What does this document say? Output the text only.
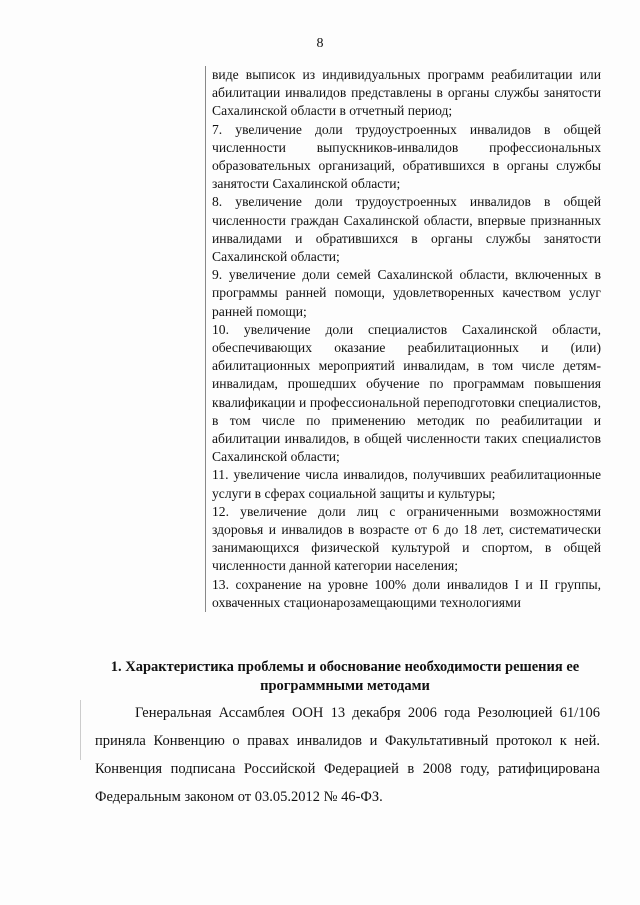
8

виде выписок из индивидуальных программ реабилитации или абилитации инвалидов представлены в органы службы занятости Сахалинской области в отчетный период;

7. увеличение доли трудоустроенных инвалидов в общей численности выпускников-инвалидов профессиональных образовательных организаций, обратившихся в органы службы занятости Сахалинской области;

8. увеличение доли трудоустроенных инвалидов в общей численности граждан Сахалинской области, впервые признанных инвалидами и обратившихся в органы службы занятости Сахалинской области;

9. увеличение доли семей Сахалинской области, включенных в программы ранней помощи, удовлетворенных качеством услуг ранней помощи;

10. увеличение доли специалистов Сахалинской области, обеспечивающих оказание реабилитационных и (или) абилитационных мероприятий инвалидам, в том числе детям-инвалидам, прошедших обучение по программам повышения квалификации и профессиональной переподготовки специалистов, в том числе по применению методик по реабилитации и абилитации инвалидов, в общей численности таких специалистов Сахалинской области;

11. увеличение числа инвалидов, получивших реабилитационные услуги в сферах социальной защиты и культуры;

12. увеличение доли лиц с ограниченными возможностями здоровья и инвалидов в возрасте от 6 до 18 лет, систематически занимающихся физической культурой и спортом, в общей численности данной категории населения;

13. сохранение на уровне 100% доли инвалидов I и II группы, охваченных стационарозамещающими технологиями

1. Характеристика проблемы и обоснование необходимости решения ее программными методами
Генеральная Ассамблея ООН 13 декабря 2006 года Резолюцией 61/106 приняла Конвенцию о правах инвалидов и Факультативный протокол к ней. Конвенция подписана Российской Федерацией в 2008 году, ратифицирована Федеральным законом от 03.05.2012 № 46-ФЗ.
